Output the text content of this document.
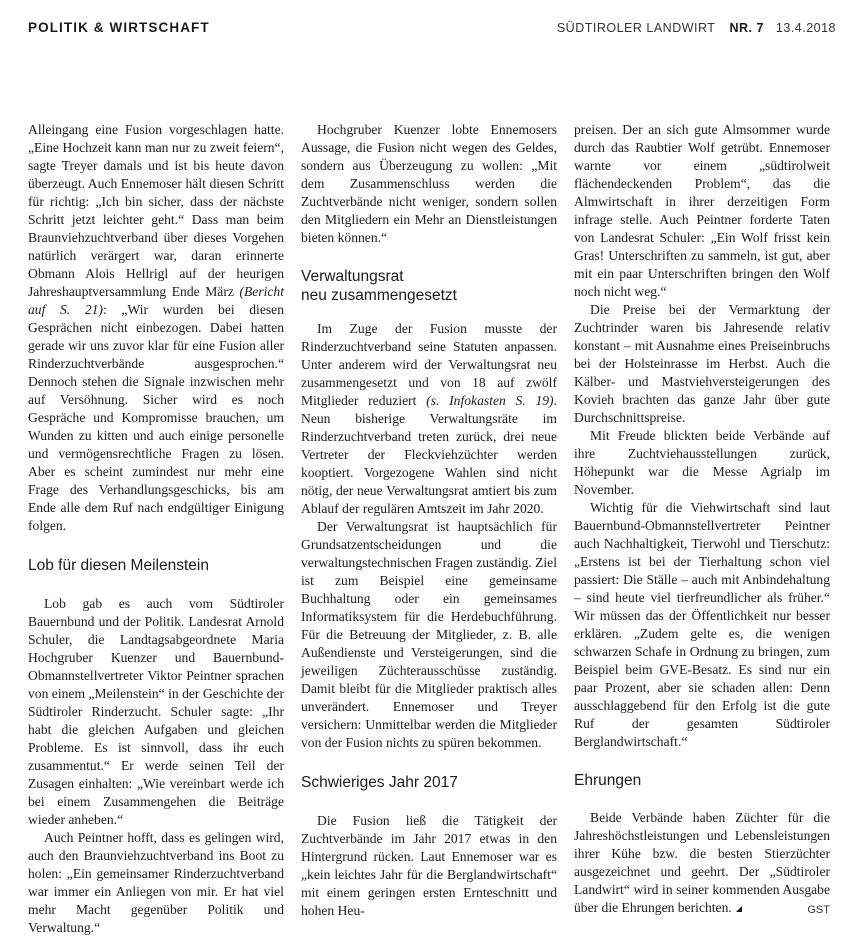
POLITIK & WIRTSCHAFT	SÜDTIROLER LANDWIRT NR. 7 13.4.2018

Alleingang eine Fusion vorgeschlagen hatte. „Eine Hochzeit kann man nur zu zweit feiern“, sagte Treyer damals und ist bis heute davon überzeugt. Auch Ennemoser hält diesen Schritt für richtig: „Ich bin sicher, dass der nächste Schritt jetzt leichter geht.“ Dass man beim Braunviehzuchtverband über dieses Vorgehen natürlich verärgert war, daran erinnerte Obmann Alois Hellrigl auf der heurigen Jahreshauptversammlung Ende März (Bericht auf S. 21): „Wir wurden bei diesen Gesprächen nicht einbezogen. Dabei hatten gerade wir uns zuvor klar für eine Fusion aller Rinderzuchtverbände ausgesprochen.“ Dennoch stehen die Signale inzwischen mehr auf Versöhnung. Sicher wird es noch Gespräche und Kompromisse brauchen, um Wunden zu kitten und auch einige personelle und vermögensrechtliche Fragen zu lösen. Aber es scheint zumindest nur mehr eine Frage des Verhandlungsgeschicks, bis am Ende alle dem Ruf nach endgültiger Einigung folgen.

Lob für diesen Meilenstein

Lob gab es auch vom Südtiroler Bauernbund und der Politik. Landesrat Arnold Schuler, die Landtagsabgeordnete Maria Hochgruber Kuenzer und Bauernbund-Obmannstellvertreter Viktor Peintner sprachen von einem „Meilenstein“ in der Geschichte der Südtiroler Rinderzucht. Schuler sagte: „Ihr habt die gleichen Aufgaben und gleichen Probleme. Es ist sinnvoll, dass ihr euch zusammentut.“ Er werde seinen Teil der Zusagen einhalten: „Wie vereinbart werde ich bei einem Zusammengehen die Beiträge wieder anheben.“

Auch Peintner hofft, dass es gelingen wird, auch den Braunviehzuchtverband ins Boot zu holen: „Ein gemeinsamer Rinderzuchtverband war immer ein Anliegen von mir. Er hat viel mehr Macht gegenüber Politik und Verwaltung.“

Hochgruber Kuenzer lobte Ennemosers Aussage, die Fusion nicht wegen des Geldes, sondern aus Überzeugung zu wollen: „Mit dem Zusammenschluss werden die Zuchtverbände nicht weniger, sondern sollen den Mitgliedern ein Mehr an Dienstleistungen bieten können.“

Verwaltungsrat
neu zusammengesetzt

Im Zuge der Fusion musste der Rinderzuchtverband seine Statuten anpassen. Unter anderem wird der Verwaltungsrat neu zusammengesetzt und von 18 auf zwölf Mitglieder reduziert (s. Infokasten S. 19). Neun bisherige Verwaltungsräte im Rinderzuchtverband treten zurück, drei neue Vertreter der Fleckviehzüchter werden kooptiert. Vorgezogene Wahlen sind nicht nötig, der neue Verwaltungsrat amtiert bis zum Ablauf der regulären Amtszeit im Jahr 2020.

Der Verwaltungsrat ist hauptsächlich für Grundsatzentscheidungen und die verwaltungstechnischen Fragen zuständig. Ziel ist zum Beispiel eine gemeinsame Buchhaltung oder ein gemeinsames Informatiksystem für die Herdebuchführung. Für die Betreuung der Mitglieder, z. B. alle Außendienste und Versteigerungen, sind die jeweiligen Züchterausschüsse zuständig. Damit bleibt für die Mitglieder praktisch alles unverändert. Ennemoser und Treyer versichern: Unmittelbar werden die Mitglieder von der Fusion nichts zu spüren bekommen.

Schwieriges Jahr 2017

Die Fusion ließ die Tätigkeit der Zuchtverbände im Jahr 2017 etwas in den Hintergrund rücken. Laut Ennemoser war es „kein leichtes Jahr für die Berglandwirtschaft“ mit einem geringen ersten Ernteschnitt und hohen Heu-

preisen. Der an sich gute Almsommer wurde durch das Raubtier Wolf getrübt. Ennemoser warnte vor einem „südtirolweit flächendeckenden Problem“, das die Almwirtschaft in ihrer derzeitigen Form infrage stelle. Auch Peintner forderte Taten von Landesrat Schuler: „Ein Wolf frisst kein Gras! Unterschriften zu sammeln, ist gut, aber mit ein paar Unterschriften bringen den Wolf noch nicht weg.“

Die Preise bei der Vermarktung der Zuchtrinder waren bis Jahresende relativ konstant – mit Ausnahme eines Preiseinbruchs bei der Holsteinrasse im Herbst. Auch die Kälber- und Mastviehversteigerungen des Kovieh brachten das ganze Jahr über gute Durchschnittspreise.

Mit Freude blickten beide Verbände auf ihre Zuchtviehausstellungen zurück, Höhepunkt war die Messe Agrialp im November.

Wichtig für die Viehwirtschaft sind laut Bauernbund-Obmannstellvertreter Peintner auch Nachhaltigkeit, Tierwohl und Tierschutz: „Erstens ist bei der Tierhaltung schon viel passiert: Die Ställe – auch mit Anbindehaltung – sind heute viel tierfreundlicher als früher.“ Wir müssen das der Öffentlichkeit nur besser erklären. „Zudem gelte es, die wenigen schwarzen Schafe in Ordnung zu bringen, zum Beispiel beim GVE-Besatz. Es sind nur ein paar Prozent, aber sie schaden allen: Denn ausschlaggebend für den Erfolg ist die gute Ruf der gesamten Südtiroler Berglandwirtschaft.“

Ehrungen

Beide Verbände haben Züchter für die Jahreshöchstleistungen und Lebensleistungen ihrer Kühe bzw. die besten Stierzüchter ausgezeichnet und geehrt. Der „Südtiroler Landwirt“ wird in seiner kommenden Ausgabe über die Ehrungen berichten.	GST
